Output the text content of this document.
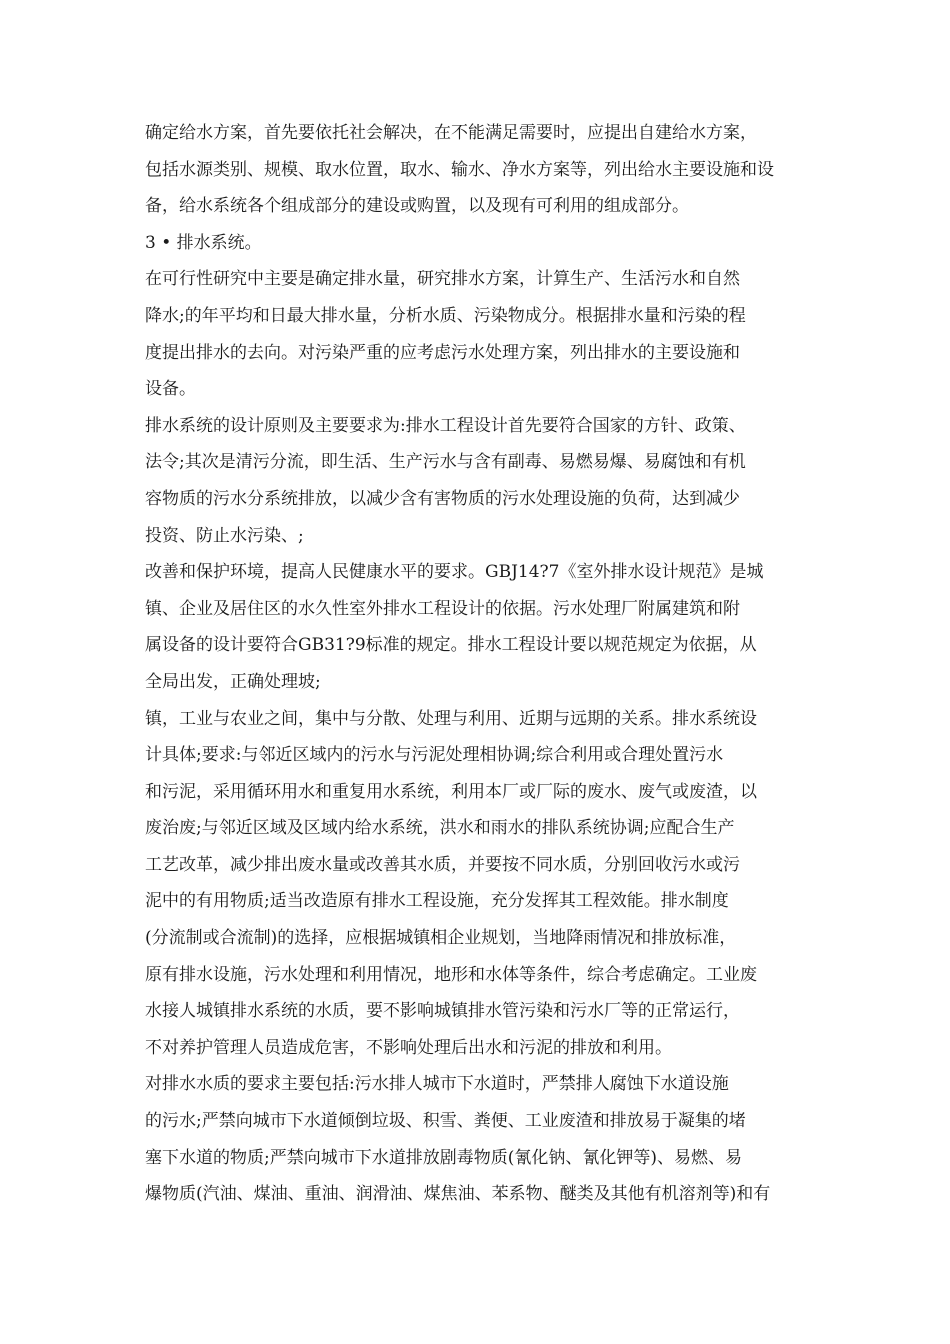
确定给水方案，首先要依托社会解决，在不能满足需要时，应提出自建给水方案，
包括水源类别、规模、取水位置，取水、输水、净水方案等，列出给水主要设施和设
备，给水系统各个组成部分的建设或购置，以及现有可利用的组成部分。
3 • 排水系统。
在可行性研究中主要是确定排水量，研究排水方案，计算生产、生活污水和自然
降水;的年平均和日最大排水量，分析水质、污染物成分。根据排水量和污染的程
度提出排水的去向。对污染严重的应考虑污水处理方案，列出排水的主要设施和
设备。
排水系统的设计原则及主要要求为:排水工程设计首先要符合国家的方针、政策、
法令;其次是清污分流，即生活、生产污水与含有副毒、易燃易爆、易腐蚀和有机
容物质的污水分系统排放，以减少含有害物质的污水处理设施的负荷，达到减少
投资、防止水污染、;
改善和保护环境，提高人民健康水平的要求。GBJ14?7《室外排水设计规范》是城
镇、企业及居住区的水久性室外排水工程设计的依据。污水处理厂附属建筑和附
属设备的设计要符合GB31?9标准的规定。排水工程设计要以规范规定为依据，从
全局出发，正确处理坡;
镇，工业与农业之间，集中与分散、处理与利用、近期与远期的关系。排水系统设
计具体;要求:与邻近区域内的污水与污泥处理相协调;综合利用或合理处置污水
和污泥，采用循环用水和重复用水系统，利用本厂或厂际的废水、废气或废渣，以
废治废;与邻近区域及区域内给水系统，洪水和雨水的排队系统协调;应配合生产
工艺改革，减少排出废水量或改善其水质，并要按不同水质，分别回收污水或污
泥中的有用物质;适当改造原有排水工程设施，充分发挥其工程效能。排水制度
(分流制或合流制)的选择，应根据城镇相企业规划，当地降雨情况和排放标准，
原有排水设施，污水处理和利用情况，地形和水体等条件，综合考虑确定。工业废
水接人城镇排水系统的水质，要不影响城镇排水管污染和污水厂等的正常运行，
不对养护管理人员造成危害，不影响处理后出水和污泥的排放和利用。
对排水水质的要求主要包括:污水排人城市下水道时，严禁排人腐蚀下水道设施
的污水;严禁向城市下水道倾倒垃圾、积雪、粪便、工业废渣和排放易于凝集的堵
塞下水道的物质;严禁向城市下水道排放剧毒物质(氰化钠、氰化钾等)、易燃、易
爆物质(汽油、煤油、重油、润滑油、煤焦油、苯系物、醚类及其他有机溶剂等)和有
